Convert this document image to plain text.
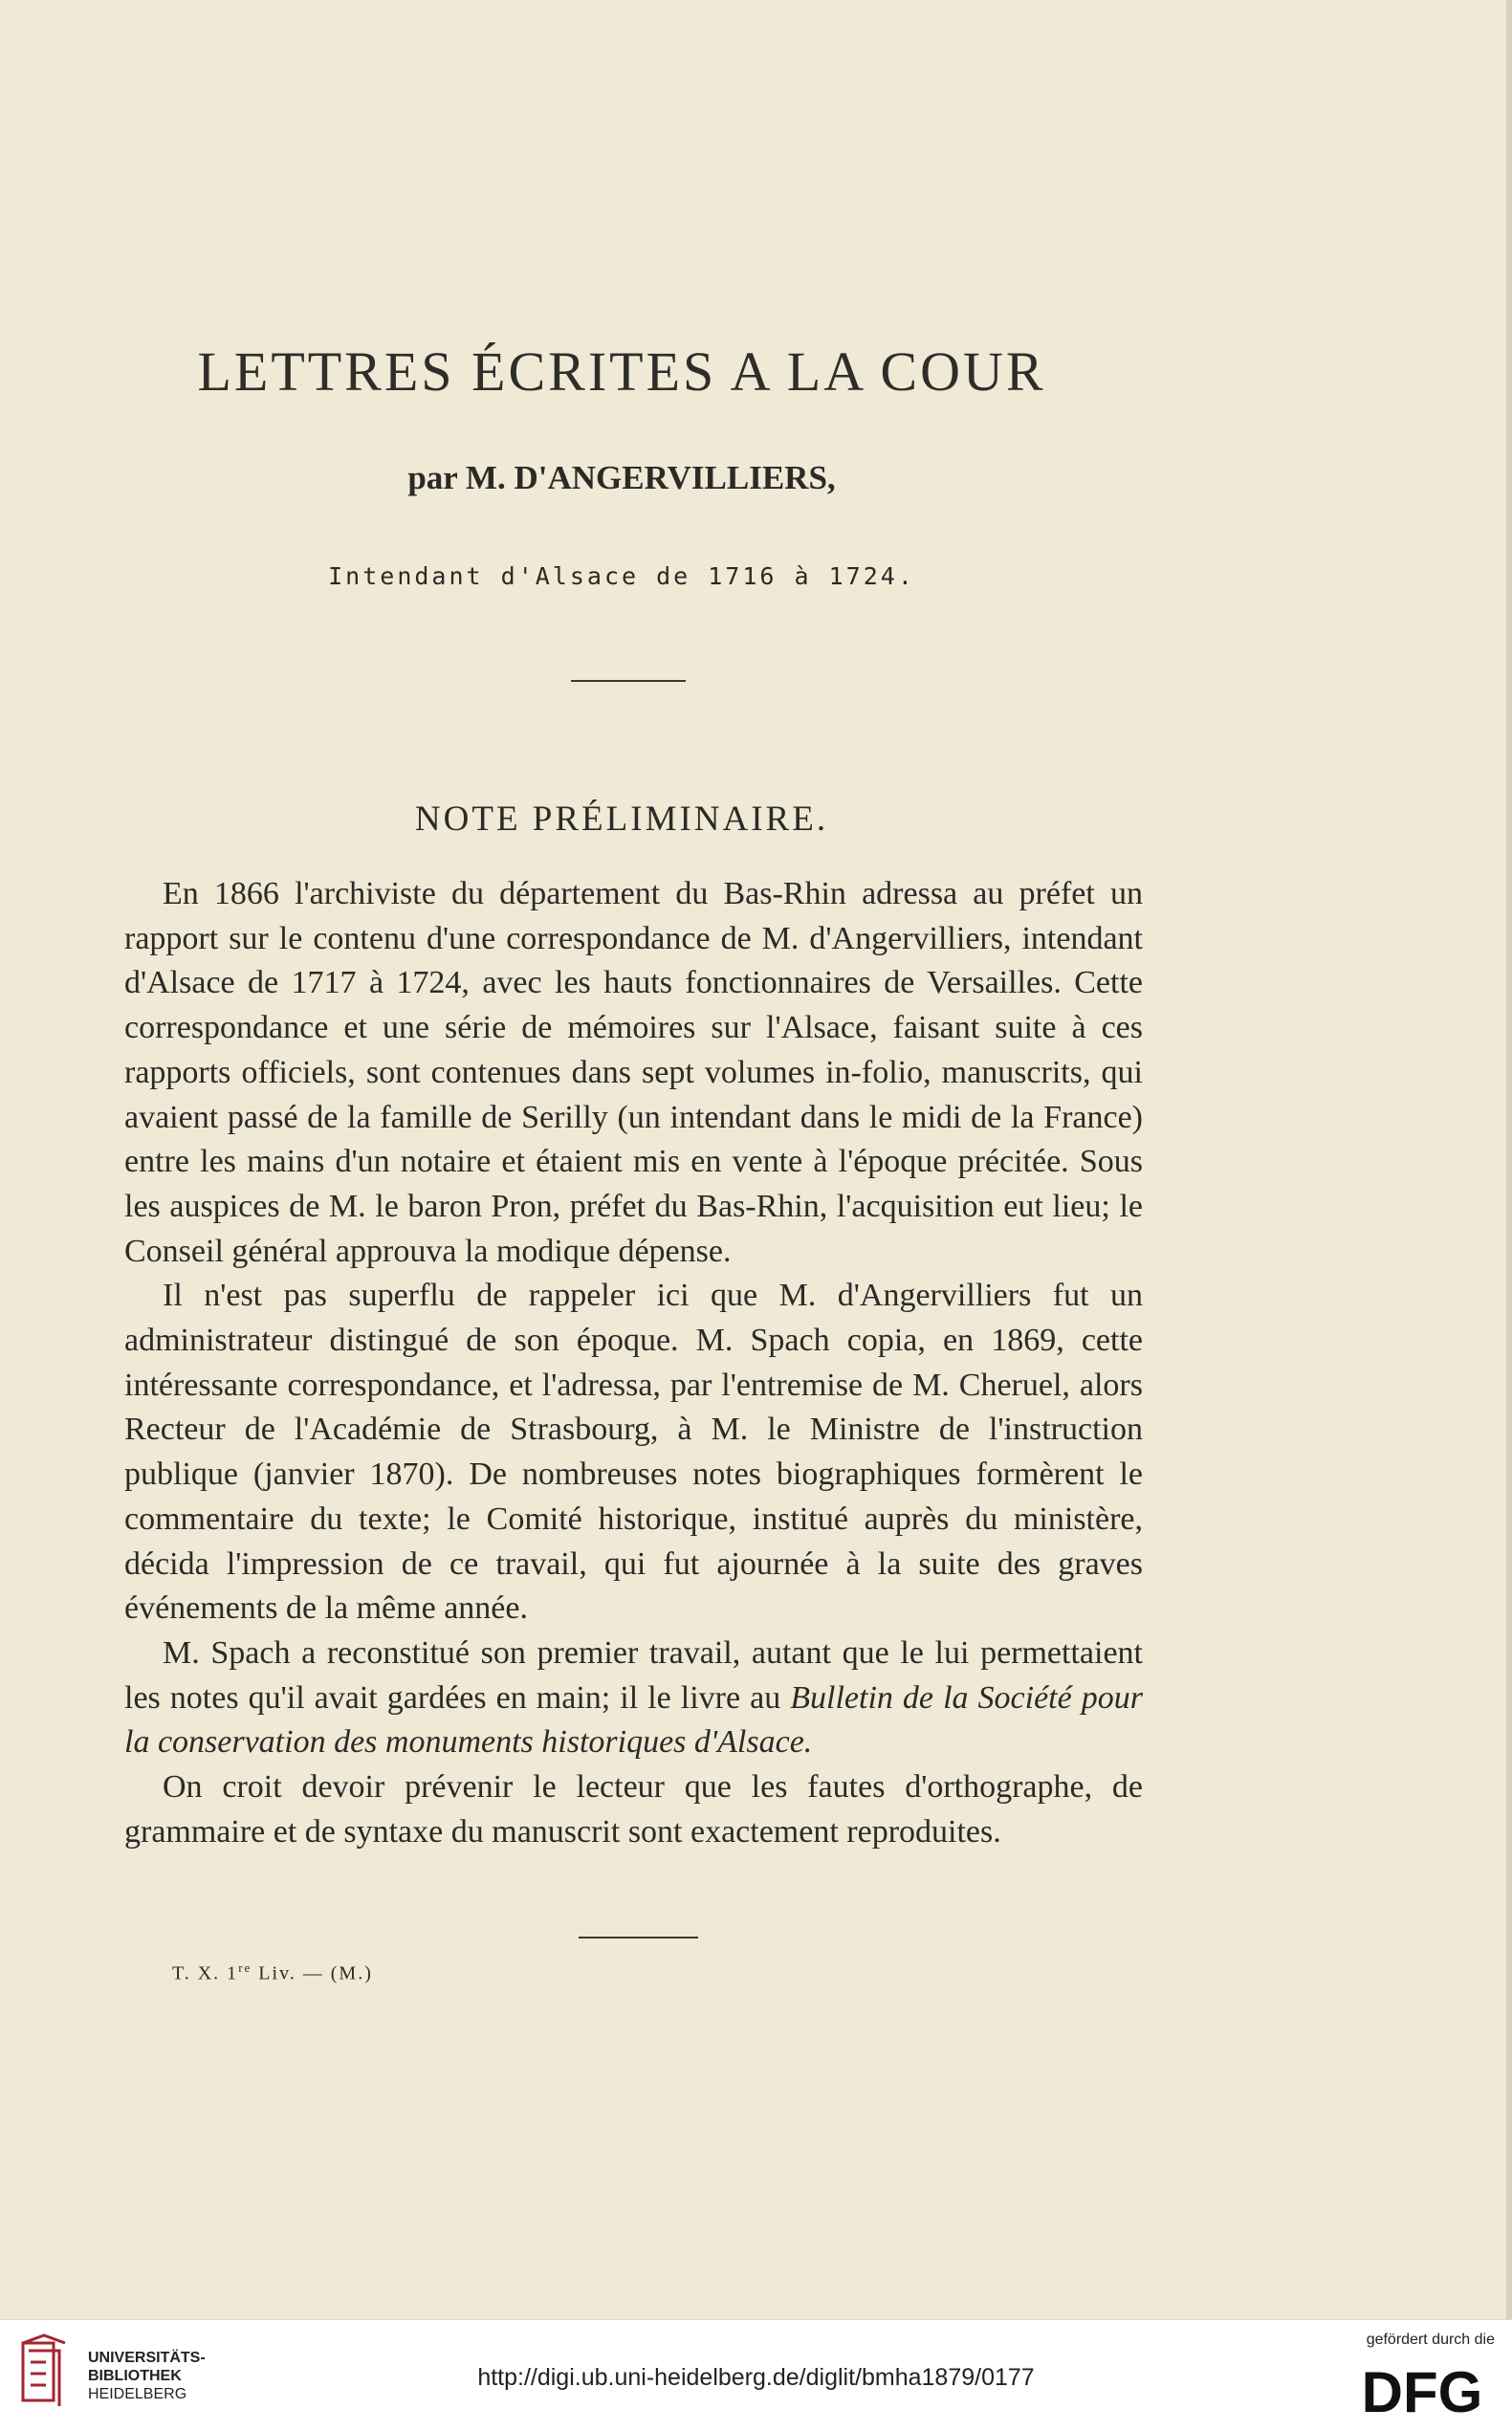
LETTRES ÉCRITES A LA COUR
par M. D'ANGERVILLIERS,
Intendant d'Alsace de 1716 à 1724.
NOTE PRÉLIMINAIRE.

En 1866 l'archiviste du département du Bas-Rhin adressa au préfet un rapport sur le contenu d'une correspondance de M. d'Angervilliers, intendant d'Alsace de 1717 à 1724, avec les hauts fonctionnaires de Versailles. Cette correspondance et une série de mémoires sur l'Alsace, faisant suite à ces rapports officiels, sont contenues dans sept volumes in-folio, manuscrits, qui avaient passé de la famille de Serilly (un intendant dans le midi de la France) entre les mains d'un notaire et étaient mis en vente à l'époque précitée. Sous les auspices de M. le baron Pron, préfet du Bas-Rhin, l'acquisition eut lieu; le Conseil général approuva la modique dépense.

Il n'est pas superflu de rappeler ici que M. d'Angervilliers fut un administrateur distingué de son époque. M. Spach copia, en 1869, cette intéressante correspondance, et l'adressa, par l'entremise de M. Cheruel, alors Recteur de l'Académie de Strasbourg, à M. le Ministre de l'instruction publique (janvier 1870). De nombreuses notes biographiques formèrent le commentaire du texte; le Comité historique, institué auprès du ministère, décida l'impression de ce travail, qui fut ajournée à la suite des graves événements de la même année.

M. Spach a reconstitué son premier travail, autant que le lui permettaient les notes qu'il avait gardées en main; il le livre au Bulletin de la Société pour la conservation des monuments historiques d'Alsace.

On croit devoir prévenir le lecteur que les fautes d'orthographe, de grammaire et de syntaxe du manuscrit sont exactement reproduites.

T. X. 1re Liv. — (M.)
UNIVERSITÄTS-
BIBLIOTHEK
HEIDELBERG
http://digi.ub.uni-heidelberg.de/diglit/bmha1879/0177
gefördert durch die
DFG
